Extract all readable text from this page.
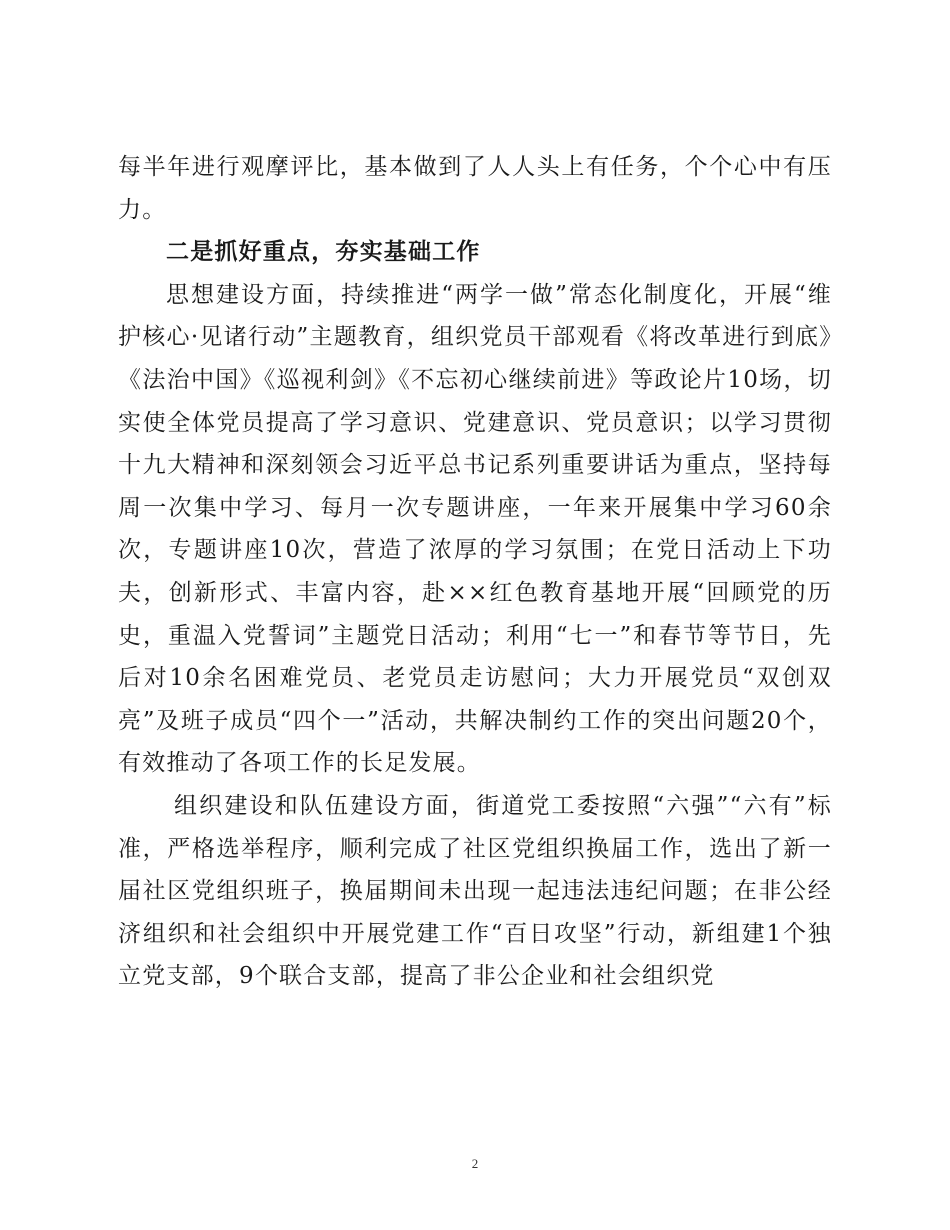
每半年进行观摩评比，基本做到了人人头上有任务，个个心中有压力。

二是抓好重点，夯实基础工作

思想建设方面，持续推进“两学一做”常态化制度化，开展“维护核心·见诸行动”主题教育，组织党员干部观看《将改革进行到底》《法治中国》《巡视利剑》《不忘初心继续前进》等政论片10场，切实使全体党员提高了学习意识、党建意识、党员意识；以学习贯彻十九大精神和深刻领会习近平总书记系列重要讲话为重点，坚持每周一次集中学习、每月一次专题讲座，一年来开展集中学习60余次，专题讲座10次，营造了浓厚的学习氛围；在党日活动上下功夫，创新形式、丰富内容，赴××红色教育基地开展“回顾党的历史，重温入党誓词”主题党日活动；利用“七一”和春节等节日，先后对10余名困难党员、老党员走访慰问；大力开展党员“双创双亮”及班子成员“四个一”活动，共解决制约工作的突出问题20个，有效推动了各项工作的长足发展。

组织建设和队伍建设方面，街道党工委按照“六强”“六有”标准，严格选举程序，顺利完成了社区党组织换届工作，选出了新一届社区党组织班子，换届期间未出现一起违法违纪问题；在非公经济组织和社会组织中开展党建工作“百日攻坚”行动，新组建1个独立党支部，9个联合支部，提高了非公企业和社会组织党

2
